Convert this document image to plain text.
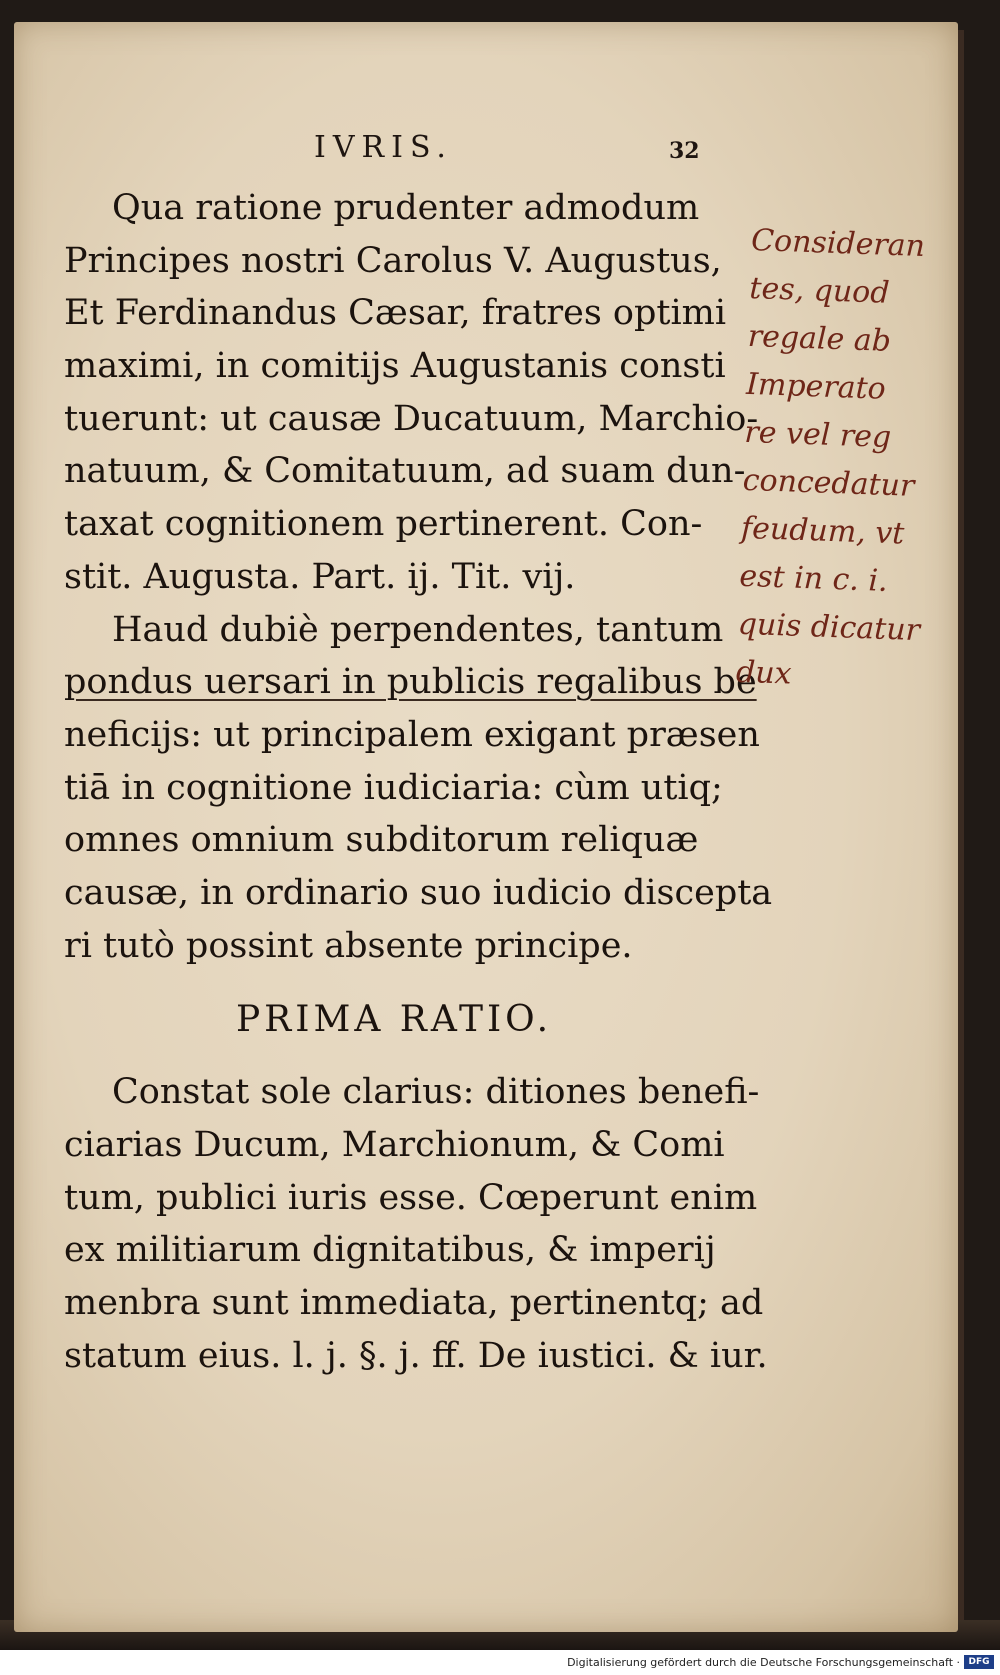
IVRIS.	32
Qua ratione prudenter admodum
Principes nostri Carolus V. Augustus,
Et Ferdinandus Cæsar, fratres optimi
maximi, in comitijs Augustanis consti
tuerunt: ut causæ Ducatuum, Marchio-
natuum, & Comitatuum, ad suam dun-
taxat cognitionem pertinerent. Con-
stit. Augusta. Part. ij. Tit. vij.
Haud dubiè perpendentes, tantum
pondus uersari in publicis regalibus be
neficijs: ut principalem exigant præsen
tiā in cognitione iudiciaria: cùm utiq;
omnes omnium subditorum reliquæ
causæ, in ordinario suo iudicio discepta
ri tutò possint absente principe.
PRIMA RATIO.
Constat sole clarius: ditiones benefi-
ciarias Ducum, Marchionum, & Comi
tum, publici iuris esse. Cœperunt enim
ex militiarum dignitatibus, & imperij
menbra sunt immediata, pertinentq; ad
statum eius. l. j. §. j. ff. De iustici. & iur.
Consideran
tes, quod
regale ab
Imperato
re vel reg
concedatur
feudum, vt
est in c. i.
quis dicatur
dux
Digitalisierung gefördert durch die Deutsche Forschungsgemeinschaft · DFG
